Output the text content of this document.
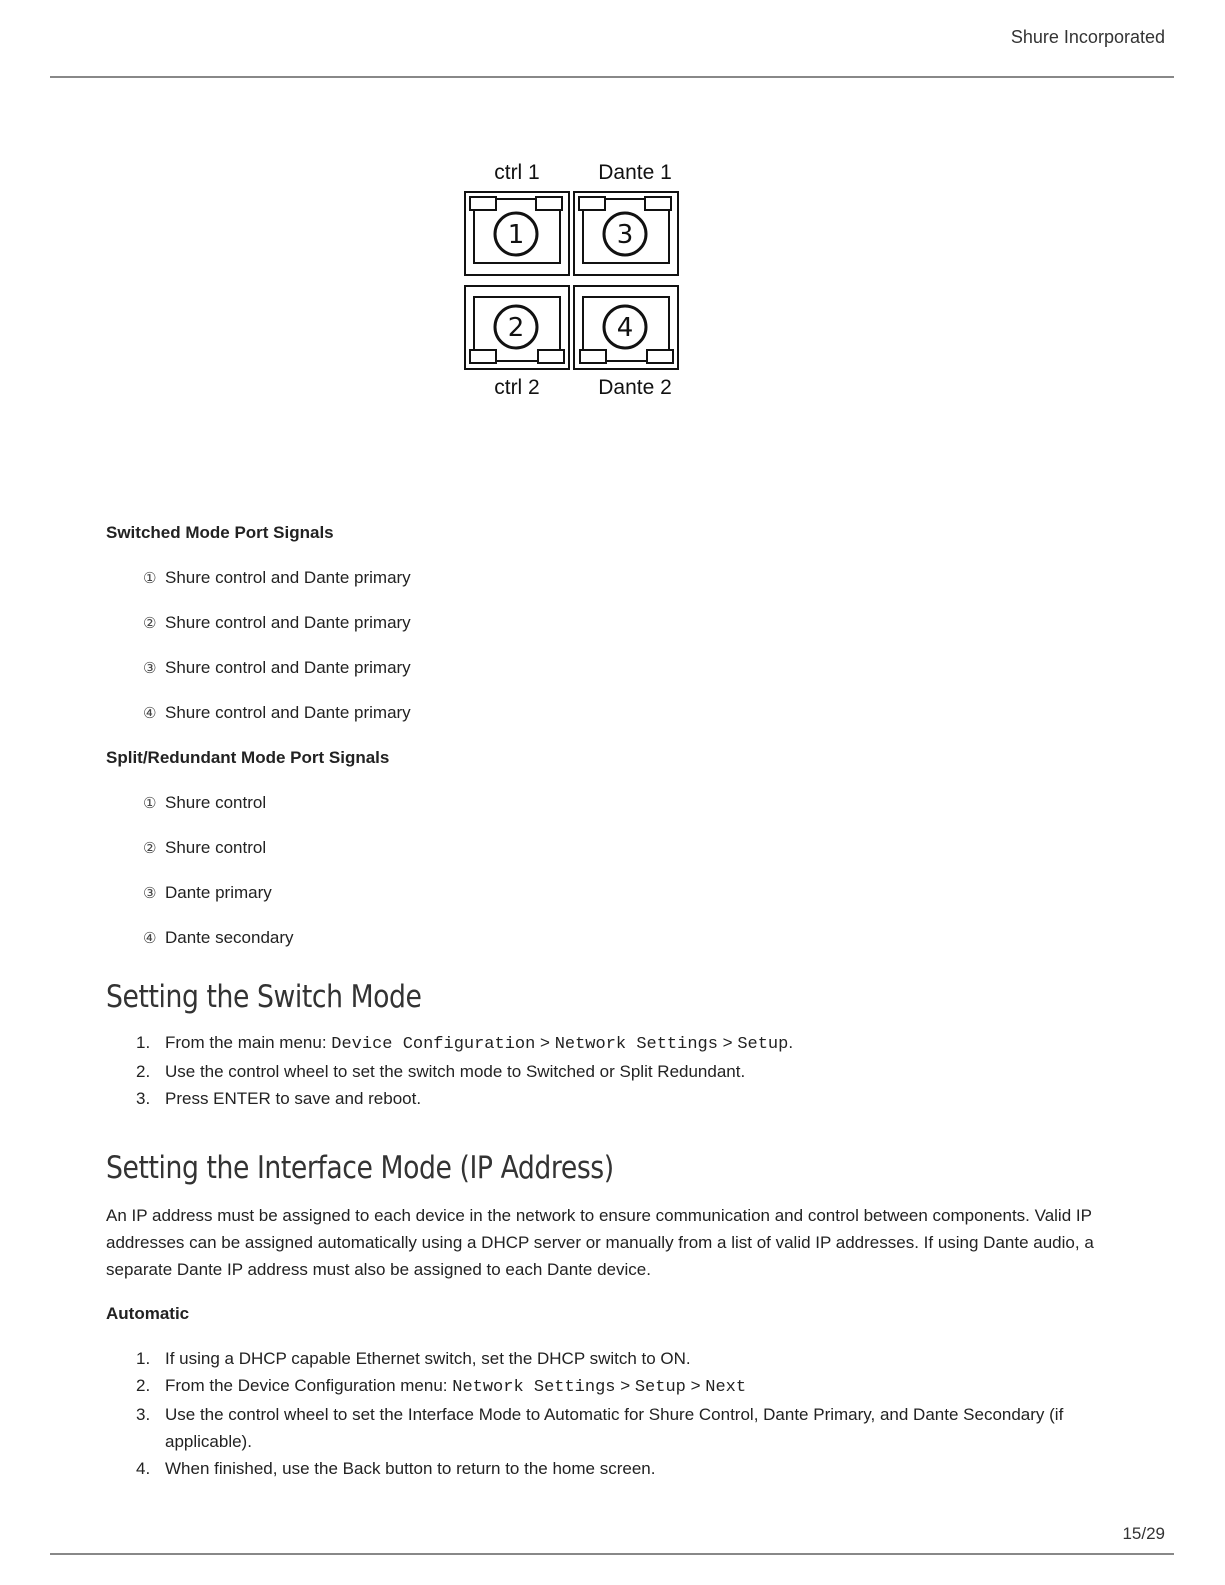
Shure Incorporated
ctrl 1	Dante 1
1	3
2	4
ctrl 2	Dante 2
Switched Mode Port Signals
① Shure control and Dante primary
② Shure control and Dante primary
③ Shure control and Dante primary
④ Shure control and Dante primary
Split/Redundant Mode Port Signals
① Shure control
② Shure control
③ Dante primary
④ Dante secondary
Setting the Switch Mode
1. From the main menu: Device Configuration > Network Settings > Setup.
2. Use the control wheel to set the switch mode to Switched or Split Redundant.
3. Press ENTER to save and reboot.
Setting the Interface Mode (IP Address)

An IP address must be assigned to each device in the network to ensure communication and control between components. Valid IP addresses can be assigned automatically using a DHCP server or manually from a list of valid IP addresses. If using Dante audio, a separate Dante IP address must also be assigned to each Dante device.

Automatic
1. If using a DHCP capable Ethernet switch, set the DHCP switch to ON.
2. From the Device Configuration menu: Network Settings > Setup > Next
3. Use the control wheel to set the Interface Mode to Automatic for Shure Control, Dante Primary, and Dante Secondary (if applicable).
4. When finished, use the Back button to return to the home screen.
15/29
